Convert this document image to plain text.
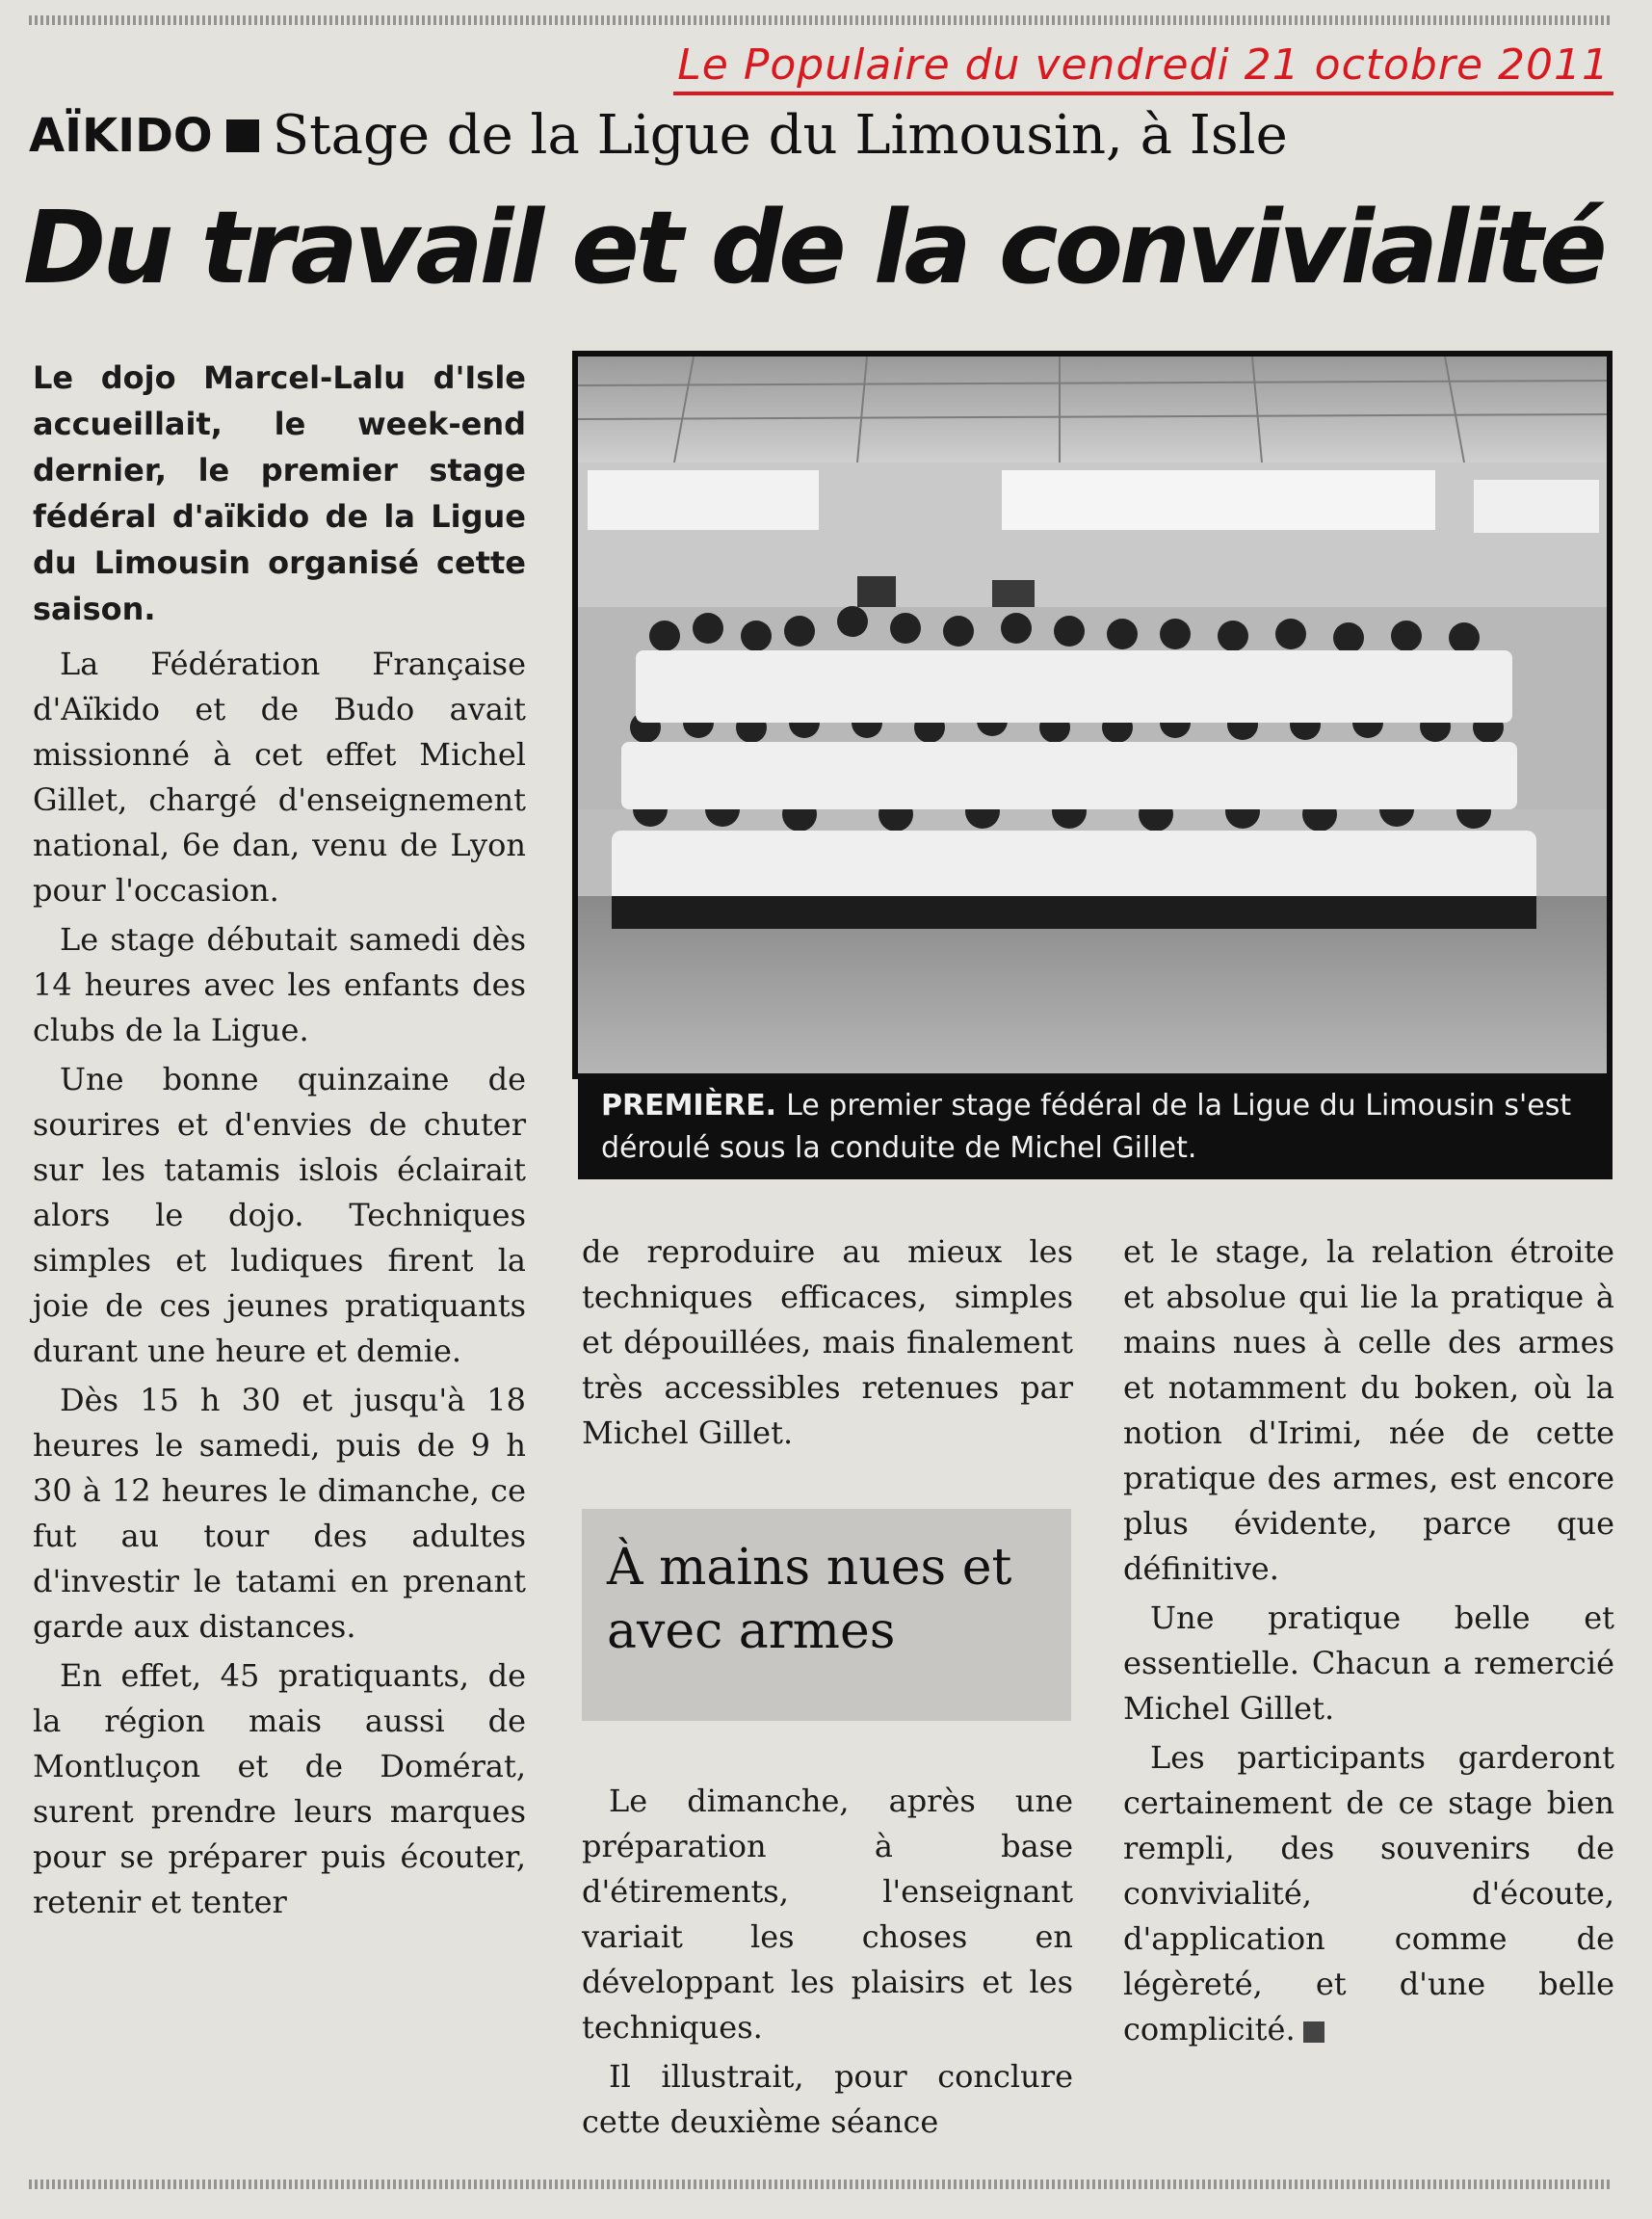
Le Populaire du vendredi 21 octobre 2011
AÏKIDO Stage de la Ligue du Limousin, à Isle
Du travail et de la convivialité

Le dojo Marcel-Lalu d'Isle accueillait, le week-end dernier, le premier stage fédéral d'aïkido de la Ligue du Limousin organisé cette saison.

La Fédération Française d'Aïkido et de Budo avait missionné à cet effet Michel Gillet, chargé d'enseignement national, 6e dan, venu de Lyon pour l'occasion.

Le stage débutait samedi dès 14 heures avec les enfants des clubs de la Ligue.

Une bonne quinzaine de sourires et d'envies de chuter sur les tatamis islois éclairait alors le dojo. Techniques simples et ludiques firent la joie de ces jeunes pratiquants durant une heure et demie.

Dès 15 h 30 et jusqu'à 18 heures le samedi, puis de 9 h 30 à 12 heures le dimanche, ce fut au tour des adultes d'investir le tatami en prenant garde aux distances.

En effet, 45 pratiquants, de la région mais aussi de Montluçon et de Domérat, surent prendre leurs marques pour se préparer puis écouter, retenir et tenter

PREMIÈRE. Le premier stage fédéral de la Ligue du Limousin s'est déroulé sous la conduite de Michel Gillet.

de reproduire au mieux les techniques efficaces, simples et dépouillées, mais finalement très accessibles retenues par Michel Gillet.

À mains nues et avec armes

Le dimanche, après une préparation à base d'étirements, l'enseignant variait les choses en développant les plaisirs et les techniques.

Il illustrait, pour conclure cette deuxième séance

et le stage, la relation étroite et absolue qui lie la pratique à mains nues à celle des armes et notamment du boken, où la notion d'Irimi, née de cette pratique des armes, est encore plus évidente, parce que définitive.

Une pratique belle et essentielle. Chacun a remercié Michel Gillet.

Les participants garderont certainement de ce stage bien rempli, des souvenirs de convivialité, d'écoute, d'application comme de légèreté, et d'une belle complicité.
